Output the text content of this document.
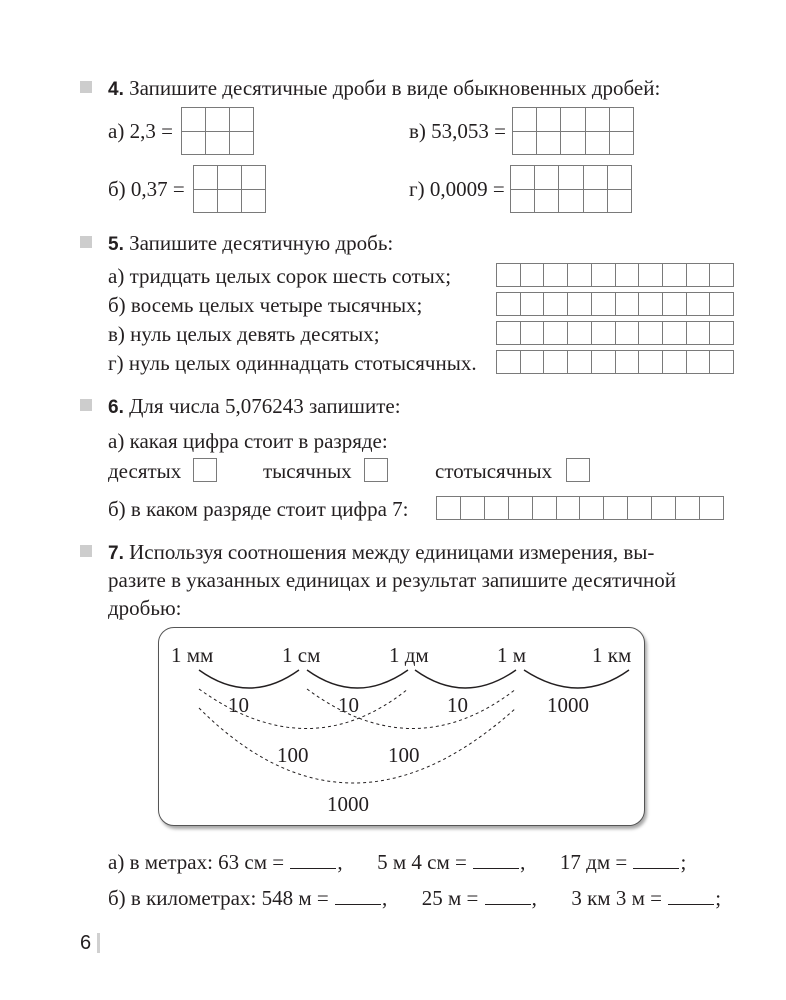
4. Запишите десятичные дроби в виде обыкновенных дробей:
а) 2,3 =
б) 0,37 =
в) 53,053 =
г) 0,0009 =
5. Запишите десятичную дробь:
а) тридцать целых сорок шесть сотых;
б) восемь целых четыре тысячных;
в) нуль целых девять десятых;
г) нуль целых одиннадцать стотысячных.
6. Для числа 5,076243 запишите:
а) какая цифра стоит в разряде:
десятых	тысячных	стотысячных
б) в каком разряде стоит цифра 7:
7. Используя соотношения между единицами измерения, вы-
разите в указанных единицах и результат запишите десятичной
дробью:
1 мм	1 см	1 дм	1 м	1 км
10	10	10	1000
100	100
1000
а) в метрах: 63 см =	, 5 м 4 см =	, 17 дм =	;
б) в километрах: 548 м =	, 25 м =	, 3 км 3 м =	;
6
